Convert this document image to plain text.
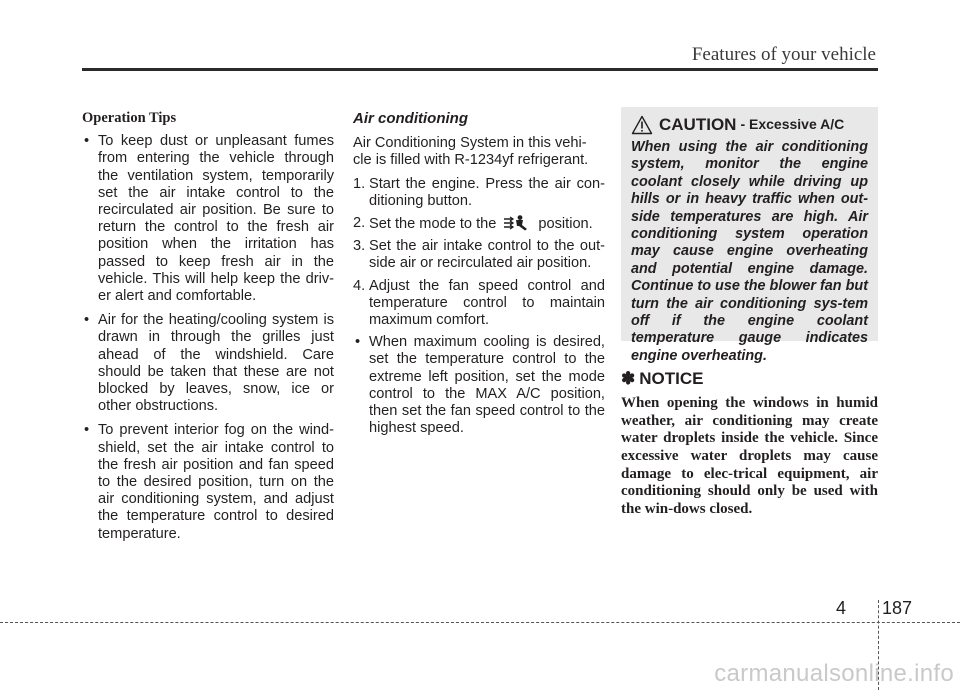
Features of your vehicle
Operation Tips
• To keep dust or unpleasant fumes from entering the vehicle through the ventilation system, temporarily set the air intake control to the recirculated air position. Be sure to return the control to the fresh air position when the irritation has passed to keep fresh air in the vehicle. This will help keep the driv-er alert and comfortable.
• Air for the heating/cooling system is drawn in through the grilles just ahead of the windshield. Care should be taken that these are not blocked by leaves, snow, ice or other obstructions.
• To prevent interior fog on the wind-shield, set the air intake control to the fresh air position and fan speed to the desired position, turn on the air conditioning system, and adjust the temperature control to desired temperature.
Air conditioning

Air Conditioning System in this vehi-cle is filled with R-1234yf refrigerant.

1. Start the engine. Press the air con-ditioning button.
2. Set the mode to the	position.
3. Set the air intake control to the out-side air or recirculated air position.
4. Adjust the fan speed control and temperature control to maintain maximum comfort.
• When maximum cooling is desired, set the temperature control to the extreme left position, set the mode control to the MAX A/C position, then set the fan speed control to the highest speed.
CAUTION - Excessive A/C
When using the air conditioning system, monitor the engine coolant closely while driving up hills or in heavy traffic when out-side temperatures are high. Air conditioning system operation may cause engine overheating and potential engine damage. Continue to use the blower fan but turn the air conditioning sys-tem off if the engine coolant temperature gauge indicates engine overheating.
✽ NOTICE

When opening the windows in humid weather, air conditioning may create water droplets inside the vehicle. Since excessive water droplets may cause damage to elec-trical equipment, air conditioning should only be used with the win-dows closed.

4 187
carmanualsonline.info
